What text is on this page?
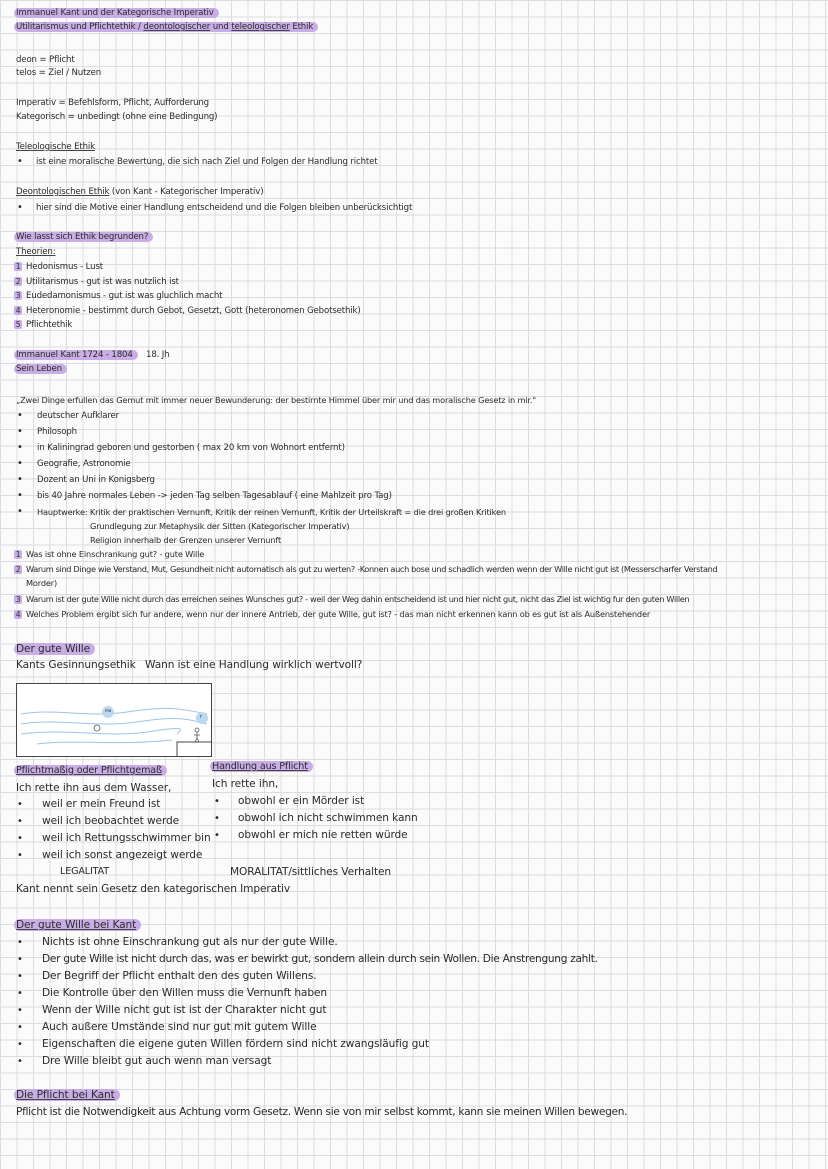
Immanuel Kant und der Kategorische Imperativ
Utilitarismus und Pflichtethik / deontologischer und teleologischer Ethik
deon = Pflicht
telos = Ziel / Nutzen
Imperativ = Befehlsform, Pflicht, Aufforderung
Kategorisch = unbedingt (ohne eine Bedingung)
Teleologische Ethik
• ist eine moralische Bewertung, die sich nach Ziel und Folgen der Handlung richtet
Deontologischen Ethik (von Kant - Kategorischer Imperativ)
• hier sind die Motive einer Handlung entscheidend und die Folgen bleiben unberücksichtigt
Wie lasst sich Ethik begrunden?
Theorien:
1 Hedonismus - Lust
2 Utilitarismus - gut ist was nutzlich ist
3 Eudedamonismus - gut ist was gluchlich macht
4 Heteronomie - bestimmt durch Gebot, Gesetzt, Gott (heteronomen Gebotsethik)
5 Pflichtethik
Immanuel Kant 1724 - 1804	18. Jh
Sein Leben
„Zwei Dinge erfullen das Gemut mit immer neuer Bewunderung: der bestirnte Himmel über mir und das moralische Gesetz in mir."
• deutscher Aufklarer
• Philosoph
• in Kaliningrad geboren und gestorben ( max 20 km von Wohnort entfernt)
• Geografie, Astronomie
• Dozent an Uni in Konigsberg
• bis 40 Jahre normales Leben -> jeden Tag selben Tagesablauf ( eine Mahlzeit pro Tag)
• Hauptwerke: Kritik der praktischen Vernunft, Kritik der reinen Vernunft, Kritik der Urteilskraft = die drei großen Kritiken
Grundlegung zur Metaphysik der Sitten (Kategorischer Imperativ)
Religion innerhalb der Grenzen unserer Vernunft
1 Was ist ohne Einschrankung gut? - gute Wille
2 Warum sind Dinge wie Verstand, Mut, Gesundheit nicht automatisch als gut zu werten? -Konnen auch bose und schadlich werden wenn der Wille nicht gut ist (Messerscharfer Verstand
Morder)
3 Warum ist der gute Wille nicht durch das erreichen seines Wunsches gut? - weil der Weg dahin entscheidend ist und hier nicht gut, nicht das Ziel ist wichtig fur den guten Willen
4 Welches Problem ergibt sich fur andere, wenn nur der innere Antrieb, der gute Wille, gut ist? - das man nicht erkennen kann ob es gut ist als Außenstehender
Der gute Wille
Kants Gesinnungsethik Wann ist eine Handlung wirklich wertvoll?
me
r
Pflichtmaßig oder Pflichtgemaß
Ich rette ihn aus dem Wasser,
• weil er mein Freund ist
• weil ich beobachtet werde
• weil ich Rettungsschwimmer bin
• weil ich sonst angezeigt werde
LEGALITAT
Handlung aus Pflicht
Ich rette ihn,
• obwohl er ein Mörder ist
• obwohl ich nicht schwimmen kann
• obwohl er mich nie retten würde
MORALITAT/sittliches Verhalten
Kant nennt sein Gesetz den kategorischen Imperativ
Der gute Wille bei Kant
• Nichts ist ohne Einschrankung gut als nur der gute Wille.
• Der gute Wille ist nicht durch das, was er bewirkt gut, sondern allein durch sein Wollen. Die Anstrengung zahlt.
• Der Begriff der Pflicht enthalt den des guten Willens.
• Die Kontrolle über den Willen muss die Vernunft haben
• Wenn der Wille nicht gut ist ist der Charakter nicht gut
• Auch außere Umstände sind nur gut mit gutem Wille
• Eigenschaften die eigene guten Willen fördern sind nicht zwangsläufig gut
• Dre Wille bleibt gut auch wenn man versagt
Die Pflicht bei Kant
Pflicht ist die Notwendigkeit aus Achtung vorm Gesetz. Wenn sie von mir selbst kommt, kann sie meinen Willen bewegen.
